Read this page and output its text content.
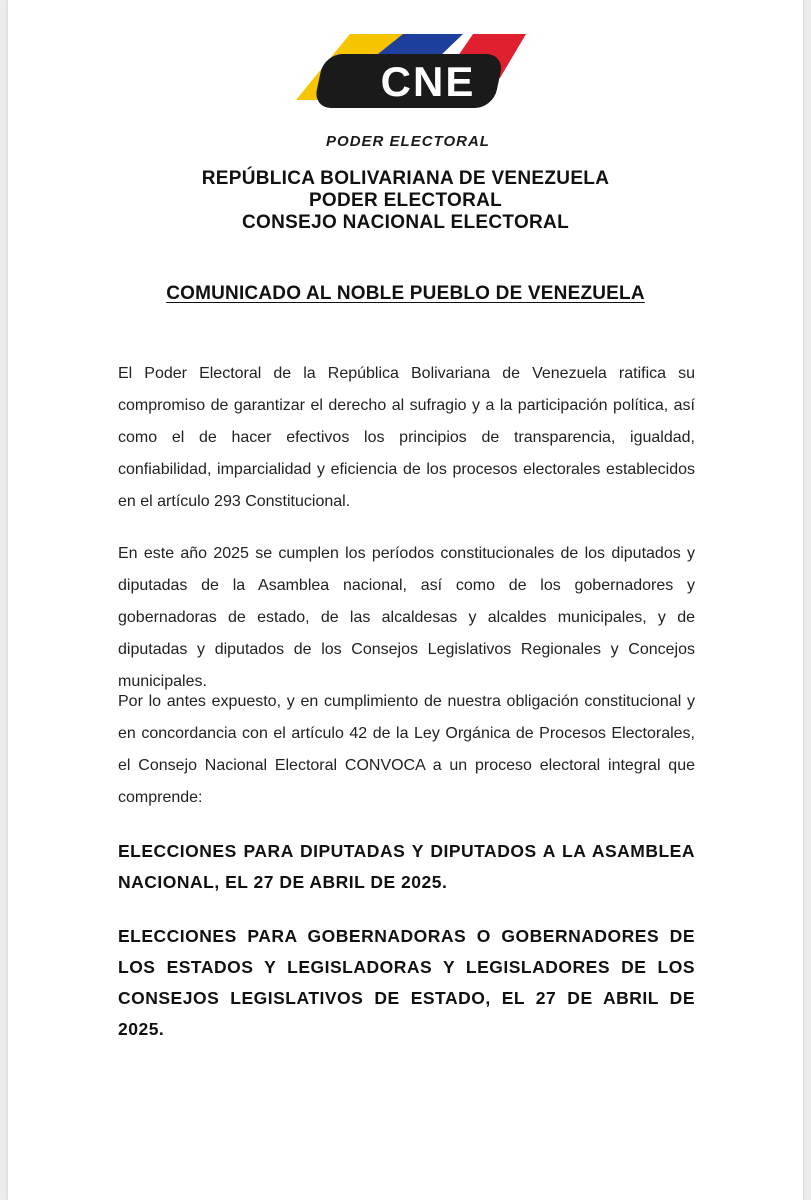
CNE
PODER ELECTORAL
REPÚBLICA BOLIVARIANA DE VENEZUELA
PODER ELECTORAL
CONSEJO NACIONAL ELECTORAL
COMUNICADO AL NOBLE PUEBLO DE VENEZUELA
El Poder Electoral de la República Bolivariana de Venezuela ratifica su compromiso de garantizar el derecho al sufragio y a la participación política, así como el de hacer efectivos los principios de transparencia, igualdad, confiabilidad, imparcialidad y eficiencia de los procesos electorales establecidos en el artículo 293 Constitucional.
En este año 2025 se cumplen los períodos constitucionales de los diputados y diputadas de la Asamblea nacional, así como de los gobernadores y gobernadoras de estado, de las alcaldesas y alcaldes municipales, y de diputadas y diputados de los Consejos Legislativos Regionales y Concejos municipales.
Por lo antes expuesto, y en cumplimiento de nuestra obligación constitucional y en concordancia con el artículo 42 de la Ley Orgánica de Procesos Electorales, el Consejo Nacional Electoral CONVOCA a un proceso electoral integral que comprende:
ELECCIONES PARA DIPUTADAS Y DIPUTADOS A LA ASAMBLEA NACIONAL, EL 27 DE ABRIL DE 2025.
ELECCIONES PARA GOBERNADORAS O GOBERNADORES DE LOS ESTADOS Y LEGISLADORAS Y LEGISLADORES DE LOS CONSEJOS LEGISLATIVOS DE ESTADO, EL 27 DE ABRIL DE 2025.
